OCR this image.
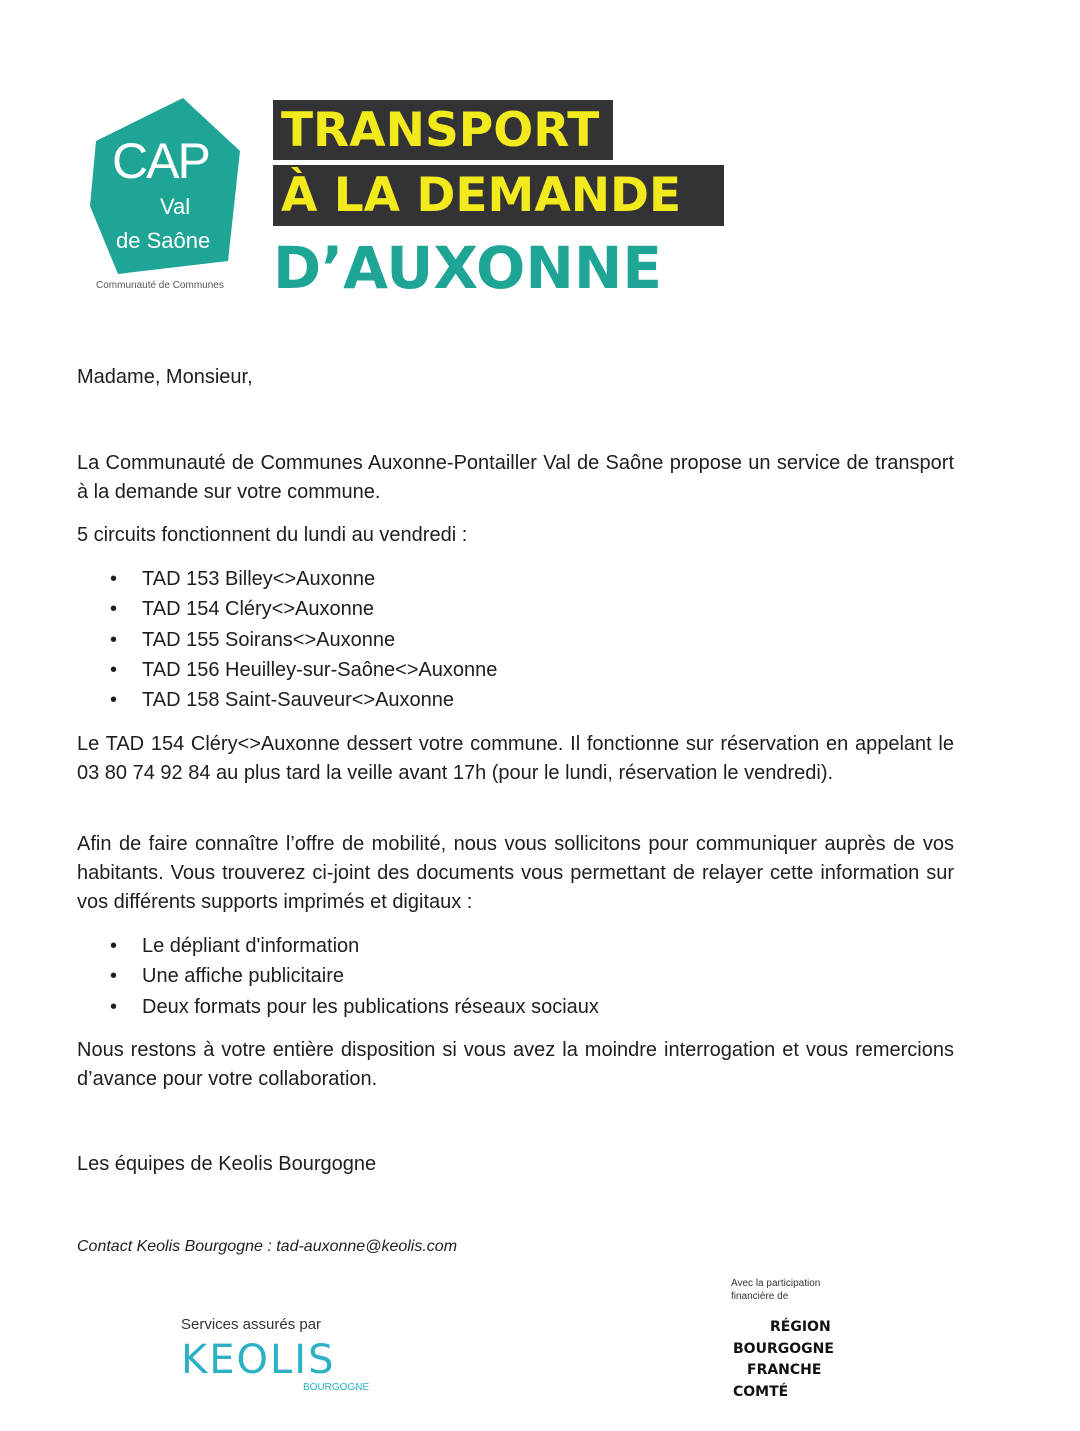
CAP
Val
de Saône
Communauté de Communes
TRANSPORT
À LA DEMANDE
D’AUXONNE
Madame, Monsieur,
La Communauté de Communes Auxonne-Pontailler Val de Saône propose un service de transport à la demande sur votre commune.
5 circuits fonctionnent du lundi au vendredi :
• TAD 153 Billey<>Auxonne
• TAD 154 Cléry<>Auxonne
• TAD 155 Soirans<>Auxonne
• TAD 156 Heuilley-sur-Saône<>Auxonne
• TAD 158 Saint-Sauveur<>Auxonne
Le TAD 154 Cléry<>Auxonne dessert votre commune. Il fonctionne sur réservation en appelant le 03 80 74 92 84 au plus tard la veille avant 17h (pour le lundi, réservation le vendredi).
Afin de faire connaître l’offre de mobilité, nous vous sollicitons pour communiquer auprès de vos habitants. Vous trouverez ci-joint des documents vous permettant de relayer cette information sur vos différents supports imprimés et digitaux :
• Le dépliant d'information
• Une affiche publicitaire
• Deux formats pour les publications réseaux sociaux
Nous restons à votre entière disposition si vous avez la moindre interrogation et vous remercions d’avance pour votre collaboration.
Les équipes de Keolis Bourgogne
Contact Keolis Bourgogne : tad-auxonne@keolis.com
Services assurés par
KEOLIS
BOURGOGNE
Avec la participation financière de
RÉGION
BOURGOGNE
FRANCHE
COMTÉ
